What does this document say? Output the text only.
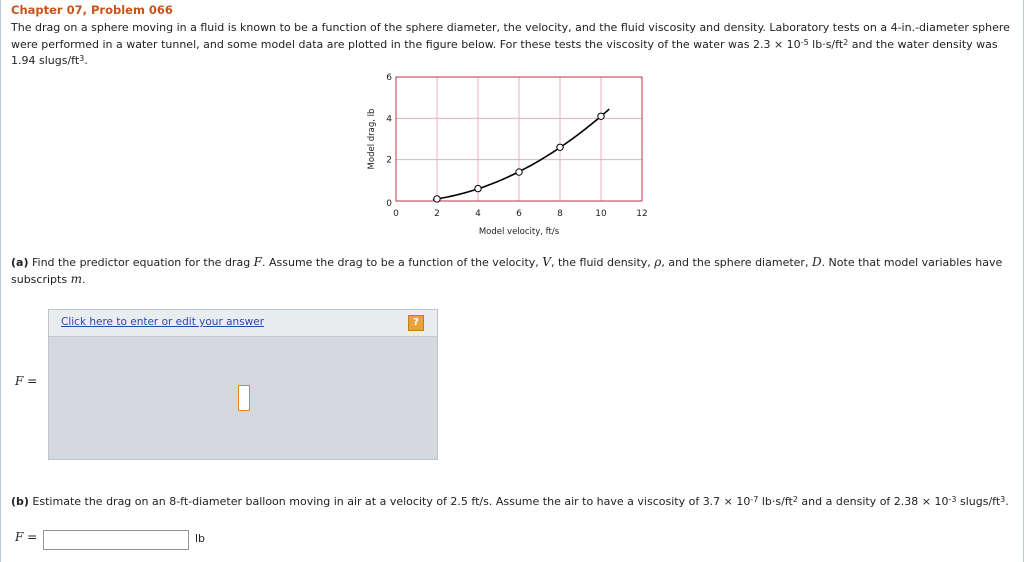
Chapter 07, Problem 066
The drag on a sphere moving in a fluid is known to be a function of the sphere diameter, the velocity, and the fluid viscosity and density. Laboratory tests on a 4-in.-diameter sphere were performed in a water tunnel, and some model data are plotted in the figure below. For these tests the viscosity of the water was $2.3 \times 10^{-5}$ $lb\cdot s/ft^2$ and the water density was 1.94 slugs/$ft^3$.
0	2	4	6	8	10	12
0
2
4
6
Model velocity, ft/s
Model drag, lb
(a) Find the predictor equation for the drag F. Assume the drag to be a function of the velocity, V, the fluid density, ρ, and the sphere diameter, D. Note that model variables have subscripts m.
F =
Click here to enter or edit your answer	?
(b) Estimate the drag on an 8-ft-diameter balloon moving in air at a velocity of 2.5 ft/s. Assume the air to have a viscosity of $3.7 \times 10^{-7}$ $lb\cdot s/ft^2$ and a density of $2.38 \times 10^{-3}$ slugs/$ft^3$.
F =	lb
